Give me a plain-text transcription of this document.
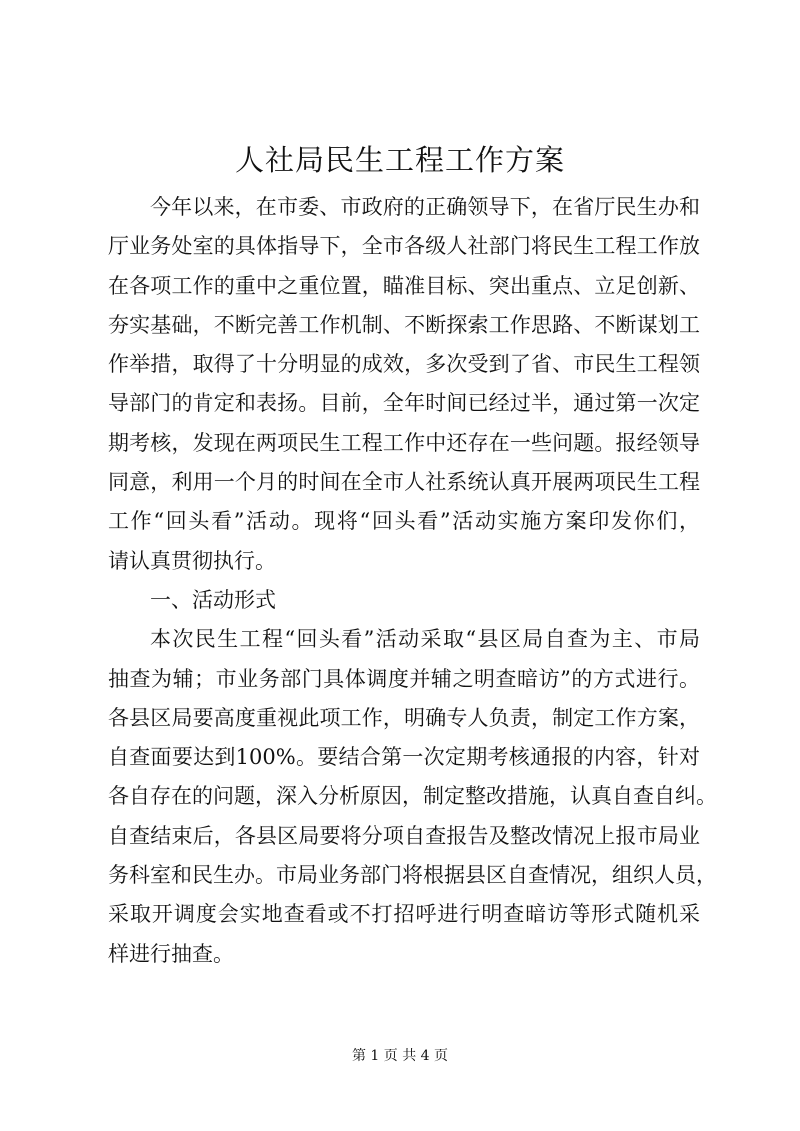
人社局民生工程工作方案
今年以来，在市委、市政府的正确领导下，在省厅民生办和
厅业务处室的具体指导下，全市各级人社部门将民生工程工作放
在各项工作的重中之重位置，瞄准目标、突出重点、立足创新、
夯实基础，不断完善工作机制、不断探索工作思路、不断谋划工
作举措，取得了十分明显的成效，多次受到了省、市民生工程领
导部门的肯定和表扬。目前，全年时间已经过半，通过第一次定
期考核，发现在两项民生工程工作中还存在一些问题。报经领导
同意，利用一个月的时间在全市人社系统认真开展两项民生工程
工作“回头看”活动。现将“回头看”活动实施方案印发你们，
请认真贯彻执行。
一、活动形式
本次民生工程“回头看”活动采取“县区局自查为主、市局
抽查为辅；市业务部门具体调度并辅之明查暗访”的方式进行。
各县区局要高度重视此项工作，明确专人负责，制定工作方案，
自查面要达到100%。要结合第一次定期考核通报的内容，针对
各自存在的问题，深入分析原因，制定整改措施，认真自查自纠。
自查结束后，各县区局要将分项自查报告及整改情况上报市局业
务科室和民生办。市局业务部门将根据县区自查情况，组织人员，
采取开调度会实地查看或不打招呼进行明查暗访等形式随机采
样进行抽查。
第 1 页 共 4 页
